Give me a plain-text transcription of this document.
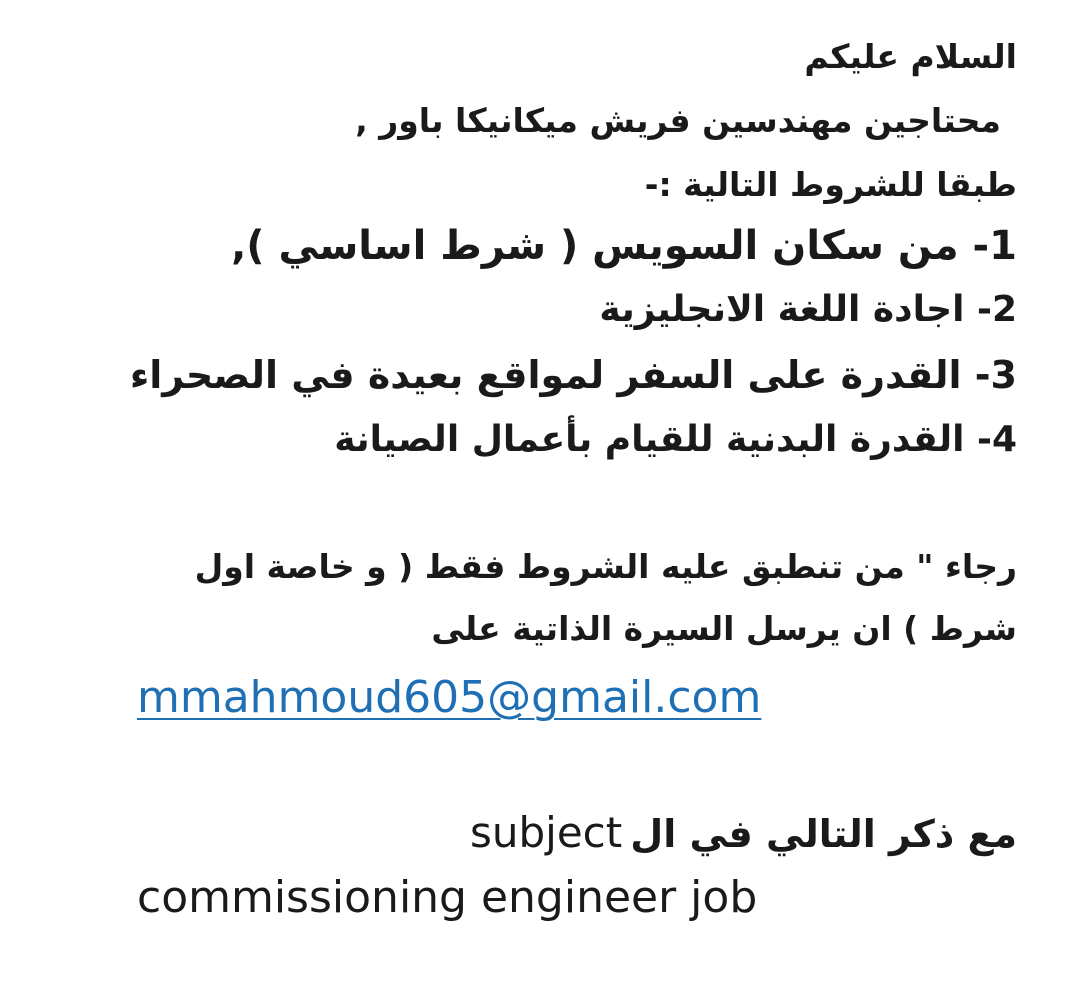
السلام عليكم
محتاجين مهندسين فريش ميكانيكا باور ,
طبقا للشروط التالية :-
1- من سكان السويس ( شرط اساسي ),
2- اجادة اللغة الانجليزية
3- القدرة على السفر لمواقع بعيدة في الصحراء
4- القدرة البدنية للقيام بأعمال الصيانة
رجاء " من تنطبق عليه الشروط فقط ( و خاصة اول
شرط ) ان يرسل السيرة الذاتية على
mmahmoud605@gmail.com
مع ذكر التالي في الsubject
commissioning engineer job
